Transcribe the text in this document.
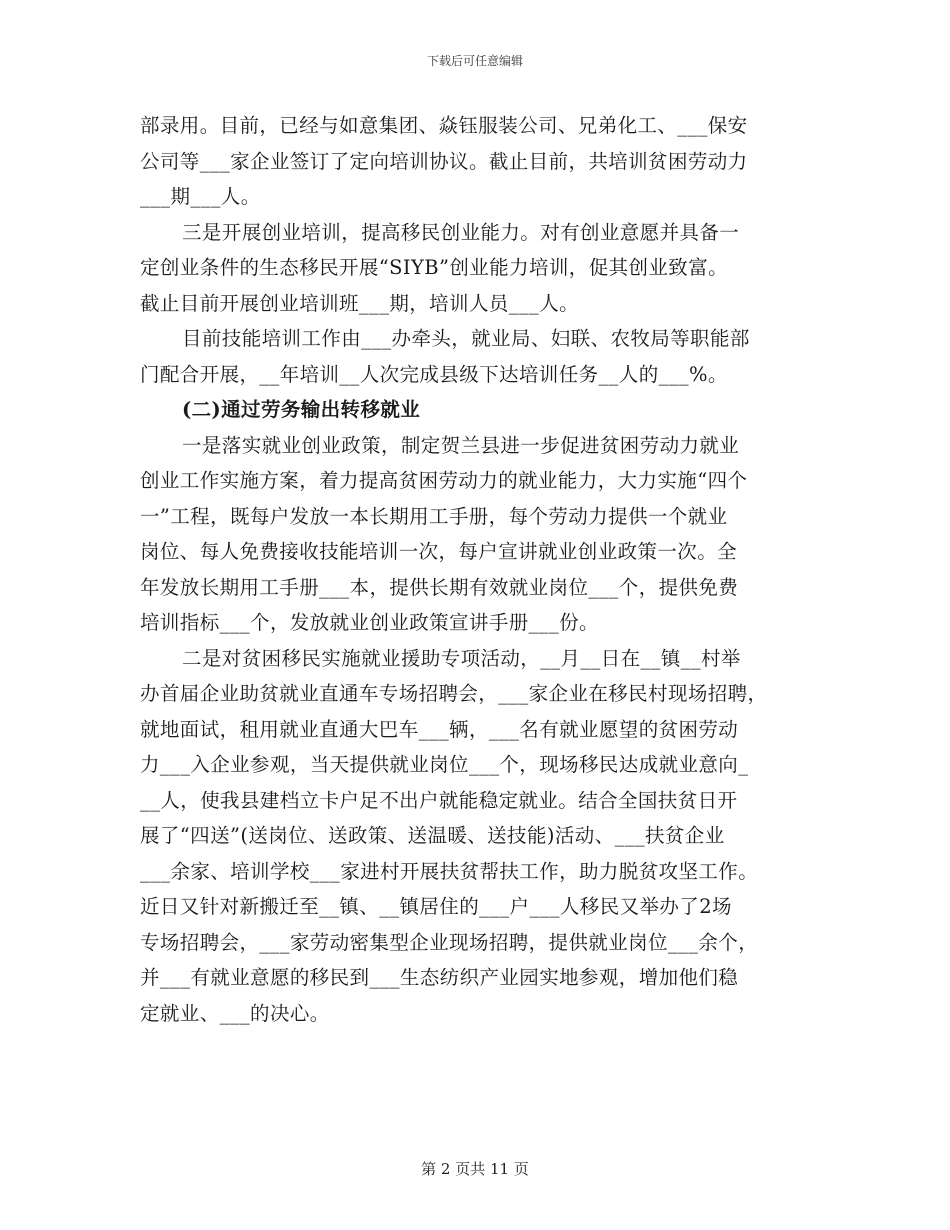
下载后可任意编辑
部录用。目前，已经与如意集团、焱钰服装公司、兄弟化工、___保安
公司等___家企业签订了定向培训协议。截止目前，共培训贫困劳动力
___期___人。
三是开展创业培训，提高移民创业能力。对有创业意愿并具备一
定创业条件的生态移民开展“SIYB”创业能力培训，促其创业致富。
截止目前开展创业培训班___期，培训人员___人。
目前技能培训工作由___办牵头，就业局、妇联、农牧局等职能部
门配合开展，__年培训__人次完成县级下达培训任务__人的___%。
(二)通过劳务输出转移就业
一是落实就业创业政策，制定贺兰县进一步促进贫困劳动力就业
创业工作实施方案，着力提高贫困劳动力的就业能力，大力实施“四个
一”工程，既每户发放一本长期用工手册，每个劳动力提供一个就业
岗位、每人免费接收技能培训一次，每户宣讲就业创业政策一次。全
年发放长期用工手册___本，提供长期有效就业岗位___个，提供免费
培训指标___个，发放就业创业政策宣讲手册___份。
二是对贫困移民实施就业援助专项活动，__月__日在__镇__村举
办首届企业助贫就业直通车专场招聘会，___家企业在移民村现场招聘，
就地面试，租用就业直通大巴车___辆，___名有就业愿望的贫困劳动
力___入企业参观，当天提供就业岗位___个，现场移民达成就业意向_
__人，使我县建档立卡户足不出户就能稳定就业。结合全国扶贫日开
展了“四送”(送岗位、送政策、送温暖、送技能)活动、___扶贫企业
___余家、培训学校___家进村开展扶贫帮扶工作，助力脱贫攻坚工作。
近日又针对新搬迁至__镇、__镇居住的___户___人移民又举办了2场
专场招聘会，___家劳动密集型企业现场招聘，提供就业岗位___余个，
并___有就业意愿的移民到___生态纺织产业园实地参观，增加他们稳
定就业、___的决心。
第 2 页共 11 页
